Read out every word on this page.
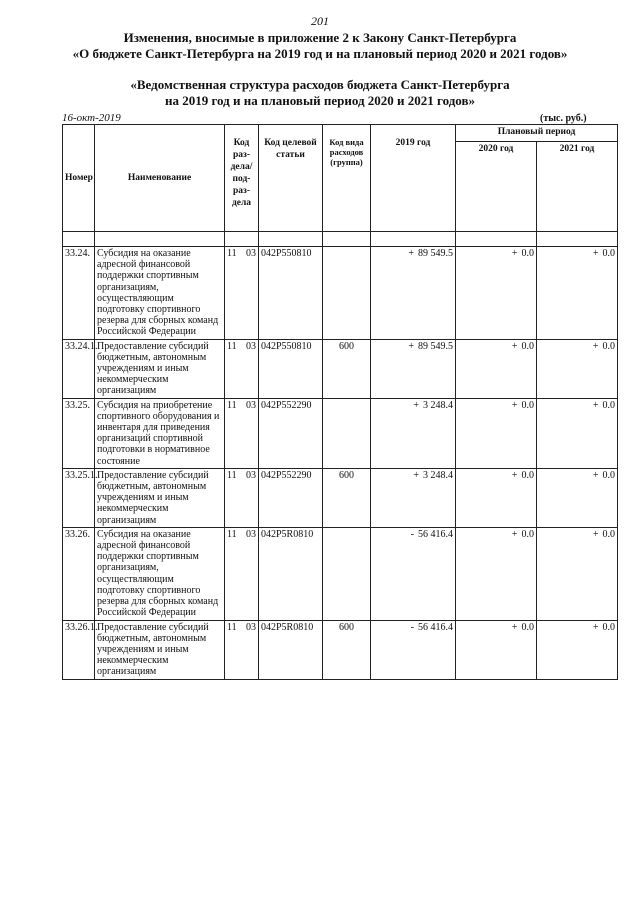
201
Изменения, вносимые в приложение 2 к Закону Санкт-Петербурга
«О бюджете Санкт-Петербурга на 2019 год и на плановый период 2020 и 2021 годов»
«Ведомственная структура расходов бюджета Санкт-Петербурга
на 2019 год и на плановый период 2020 и 2021 годов»
16-окт-2019	(тыс. руб.)
Номер	Наименование	Код раз-дела/ под-раз-дела	Код целевой статьи	Код вида расходов (группа)	2019 год	Плановый период	
						2020 год	2021 год

33.24.	Субсидия на оказание адресной финансовой поддержки спортивным организациям, осуществляющим подготовку спортивного резерва для сборных команд Российской Федерации	11 03	042P550810		+ 89 549.5	+ 0.0	+ 0.0
33.24.1.	Предоставление субсидий бюджетным, автономным учреждениям и иным некоммерческим организациям	11 03	042P550810	600	+ 89 549.5	+ 0.0	+ 0.0
33.25.	Субсидия на приобретение спортивного оборудования и инвентаря для приведения организаций спортивной подготовки в нормативное состояние	11 03	042P552290		+ 3 248.4	+ 0.0	+ 0.0
33.25.1.	Предоставление субсидий бюджетным, автономным учреждениям и иным некоммерческим организациям	11 03	042P552290	600	+ 3 248.4	+ 0.0	+ 0.0
33.26.	Субсидия на оказание адресной финансовой поддержки спортивным организациям, осуществляющим подготовку спортивного резерва для сборных команд Российской Федерации	11 03	042P5R0810		- 56 416.4	+ 0.0	+ 0.0
33.26.1.	Предоставление субсидий бюджетным, автономным учреждениям и иным некоммерческим организациям	11 03	042P5R0810	600	- 56 416.4	+ 0.0	+ 0.0
